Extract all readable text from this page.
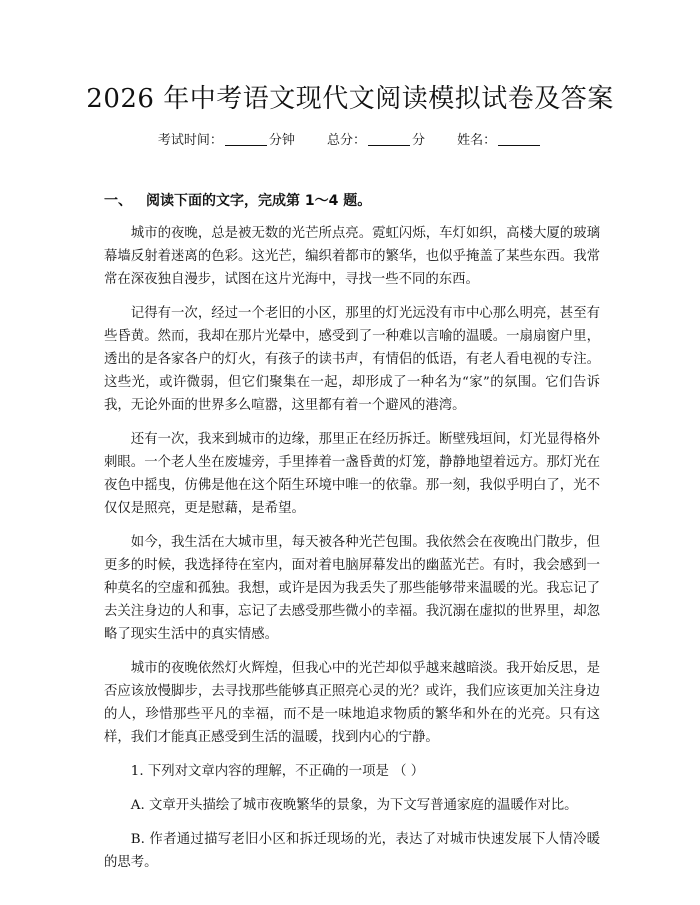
2026 年中考语文现代文阅读模拟试卷及答案
考试时间：	分钟 总分：	分 姓名：
一、 阅读下面的文字，完成第 1～4 题。

城市的夜晚，总是被无数的光芒所点亮。霓虹闪烁，车灯如织，高楼大厦的玻璃幕墙反射着迷离的色彩。这光芒，编织着都市的繁华，也似乎掩盖了某些东西。我常常在深夜独自漫步，试图在这片光海中，寻找一些不同的东西。

记得有一次，经过一个老旧的小区，那里的灯光远没有市中心那么明亮，甚至有些昏黄。然而，我却在那片光晕中，感受到了一种难以言喻的温暖。一扇扇窗户里，透出的是各家各户的灯火，有孩子的读书声，有情侣的低语，有老人看电视的专注。这些光，或许微弱，但它们聚集在一起，却形成了一种名为“家”的氛围。它们告诉我，无论外面的世界多么喧嚣，这里都有着一个避风的港湾。

还有一次，我来到城市的边缘，那里正在经历拆迁。断壁残垣间，灯光显得格外刺眼。一个老人坐在废墟旁，手里捧着一盏昏黄的灯笼，静静地望着远方。那灯光在夜色中摇曳，仿佛是他在这个陌生环境中唯一的依靠。那一刻，我似乎明白了，光不仅仅是照亮，更是慰藉，是希望。

如今，我生活在大城市里，每天被各种光芒包围。我依然会在夜晚出门散步，但更多的时候，我选择待在室内，面对着电脑屏幕发出的幽蓝光芒。有时，我会感到一种莫名的空虚和孤独。我想，或许是因为我丢失了那些能够带来温暖的光。我忘记了去关注身边的人和事，忘记了去感受那些微小的幸福。我沉溺在虚拟的世界里，却忽略了现实生活中的真实情感。

城市的夜晚依然灯火辉煌，但我心中的光芒却似乎越来越暗淡。我开始反思，是否应该放慢脚步，去寻找那些能够真正照亮心灵的光？或许，我们应该更加关注身边的人，珍惜那些平凡的幸福，而不是一味地追求物质的繁华和外在的光亮。只有这样，我们才能真正感受到生活的温暖，找到内心的宁静。

1. 下列对文章内容的理解，不正确的一项是 （ ）

A. 文章开头描绘了城市夜晚繁华的景象，为下文写普通家庭的温暖作对比。

B. 作者通过描写老旧小区和拆迁现场的光，表达了对城市快速发展下人情冷暖的思考。
